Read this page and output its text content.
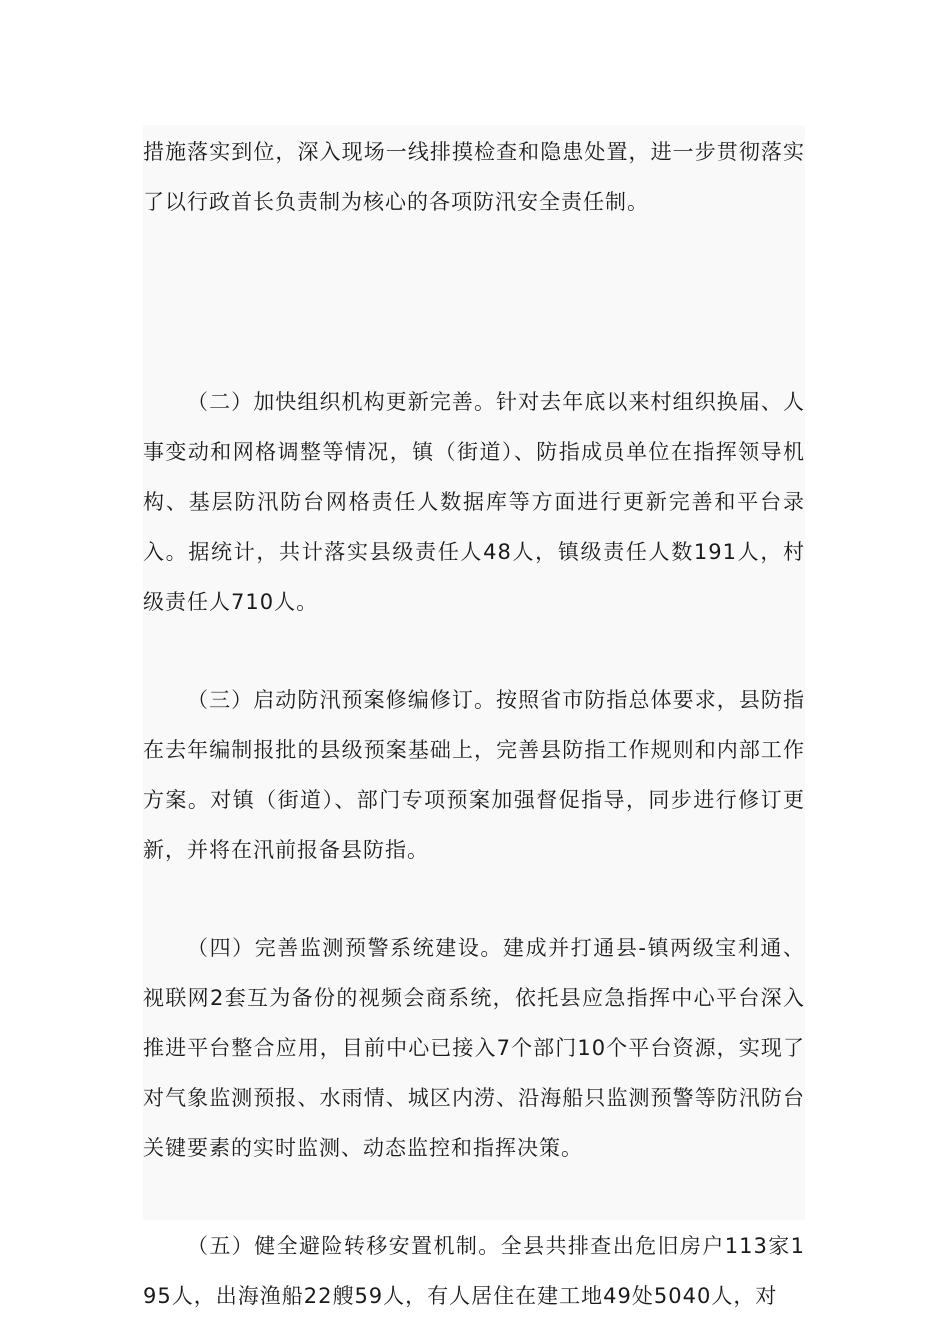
措施落实到位，深入现场一线排摸检查和隐患处置，进一步贯彻落实了以行政首长负责制为核心的各项防汛安全责任制。

（二）加快组织机构更新完善。针对去年底以来村组织换届、人事变动和网格调整等情况，镇（街道）、防指成员单位在指挥领导机构、基层防汛防台网格责任人数据库等方面进行更新完善和平台录入。据统计，共计落实县级责任人48人，镇级责任人数191人，村级责任人710人。

（三）启动防汛预案修编修订。按照省市防指总体要求，县防指在去年编制报批的县级预案基础上，完善县防指工作规则和内部工作方案。对镇（街道）、部门专项预案加强督促指导，同步进行修订更新，并将在汛前报备县防指。

（四）完善监测预警系统建设。建成并打通县-镇两级宝利通、视联网2套互为备份的视频会商系统，依托县应急指挥中心平台深入推进平台整合应用，目前中心已接入7个部门10个平台资源，实现了对气象监测预报、水雨情、城区内涝、沿海船只监测预警等防汛防台关键要素的实时监测、动态监控和指挥决策。

（五）健全避险转移安置机制。全县共排查出危旧房户113家195人，出海渔船22艘59人，有人居住在建工地49处5040人，对
